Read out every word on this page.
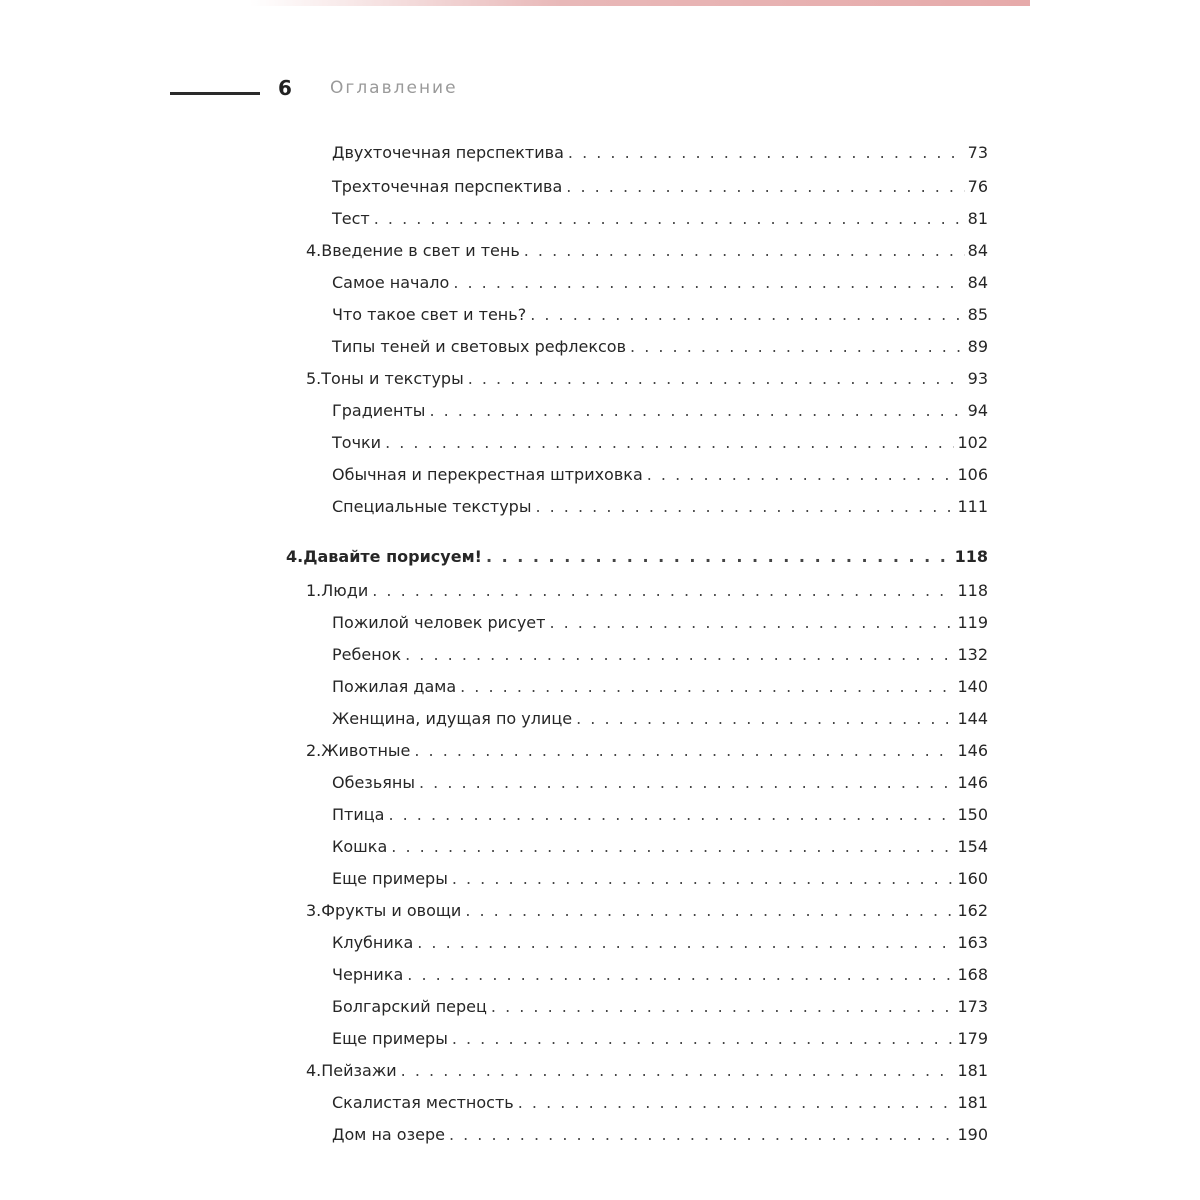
6 Оглавление
Двухточечная перспектива . . .	73
Трехточечная перспектива . . .	76
Тест . . .	81
4. Введение в свет и тень . . .	84
Самое начало . . .	84
Что такое свет и тень? . . .	85
Типы теней и световых рефлексов . . .	89
5. Тоны и текстуры . . .	93
Градиенты . . .	94
Точки . . .	102
Обычная и перекрестная штриховка . . .	106
Специальные текстуры . . .	111
4. Давайте порисуем! . . .	118
1. Люди . . .	118
Пожилой человек рисует . . .	119
Ребенок . . .	132
Пожилая дама . . .	140
Женщина, идущая по улице . . .	144
2. Животные . . .	146
Обезьяны . . .	146
Птица . . .	150
Кошка . . .	154
Еще примеры . . .	160
3. Фрукты и овощи . . .	162
Клубника . . .	163
Черника . . .	168
Болгарский перец . . .	173
Еще примеры . . .	179
4. Пейзажи . . .	181
Скалистая местность . . .	181
Дом на озере . . .	190
